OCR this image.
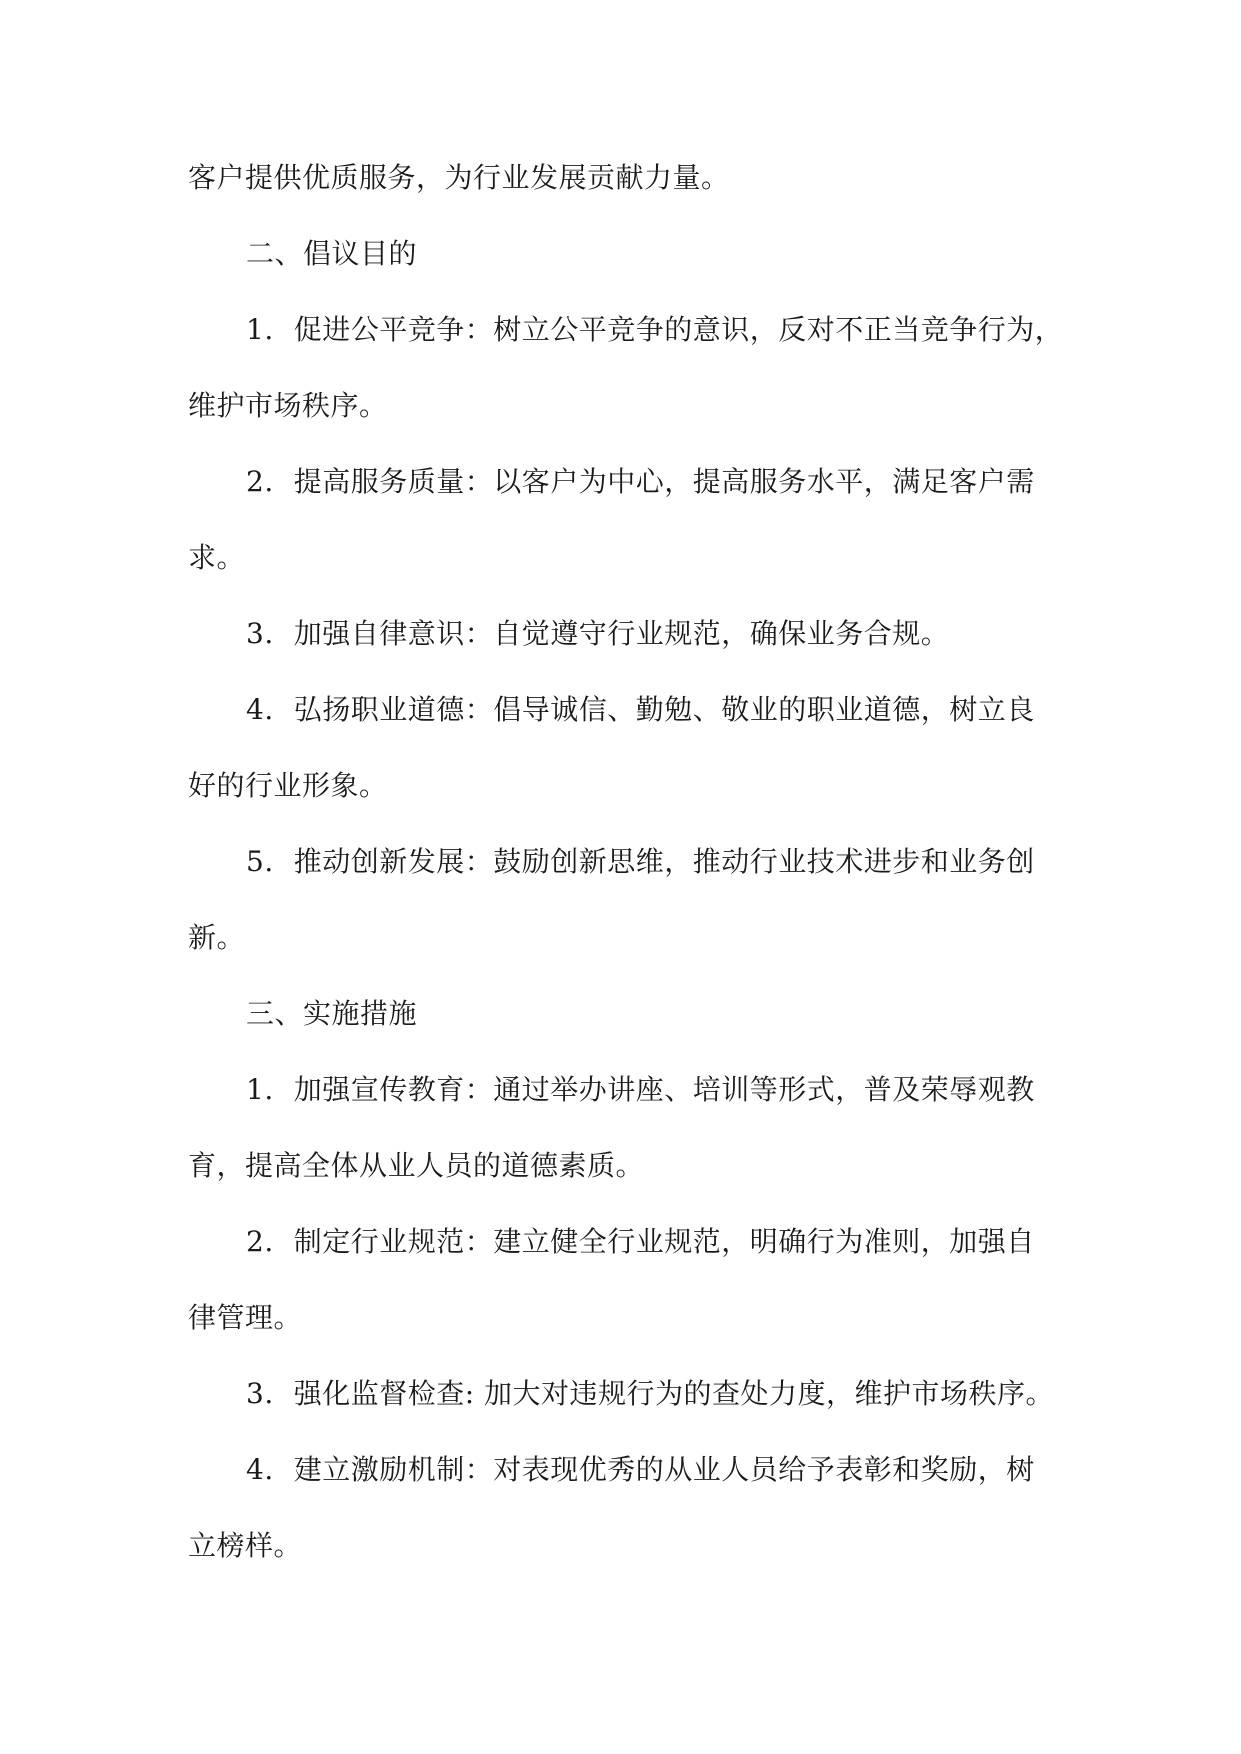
客户提供优质服务，为行业发展贡献力量。
二、倡议目的
1. 促进公平竞争：树立公平竞争的意识，反对不正当竞争行为，
维护市场秩序。
2. 提高服务质量：以客户为中心，提高服务水平，满足客户需
求。
3. 加强自律意识：自觉遵守行业规范，确保业务合规。
4. 弘扬职业道德：倡导诚信、勤勉、敬业的职业道德，树立良
好的行业形象。
5. 推动创新发展：鼓励创新思维，推动行业技术进步和业务创
新。
三、实施措施
1. 加强宣传教育：通过举办讲座、培训等形式，普及荣辱观教
育，提高全体从业人员的道德素质。
2. 制定行业规范：建立健全行业规范，明确行为准则，加强自
律管理。
3. 强化监督检查: 加大对违规行为的查处力度，维护市场秩序。
4. 建立激励机制：对表现优秀的从业人员给予表彰和奖励，树
立榜样。
